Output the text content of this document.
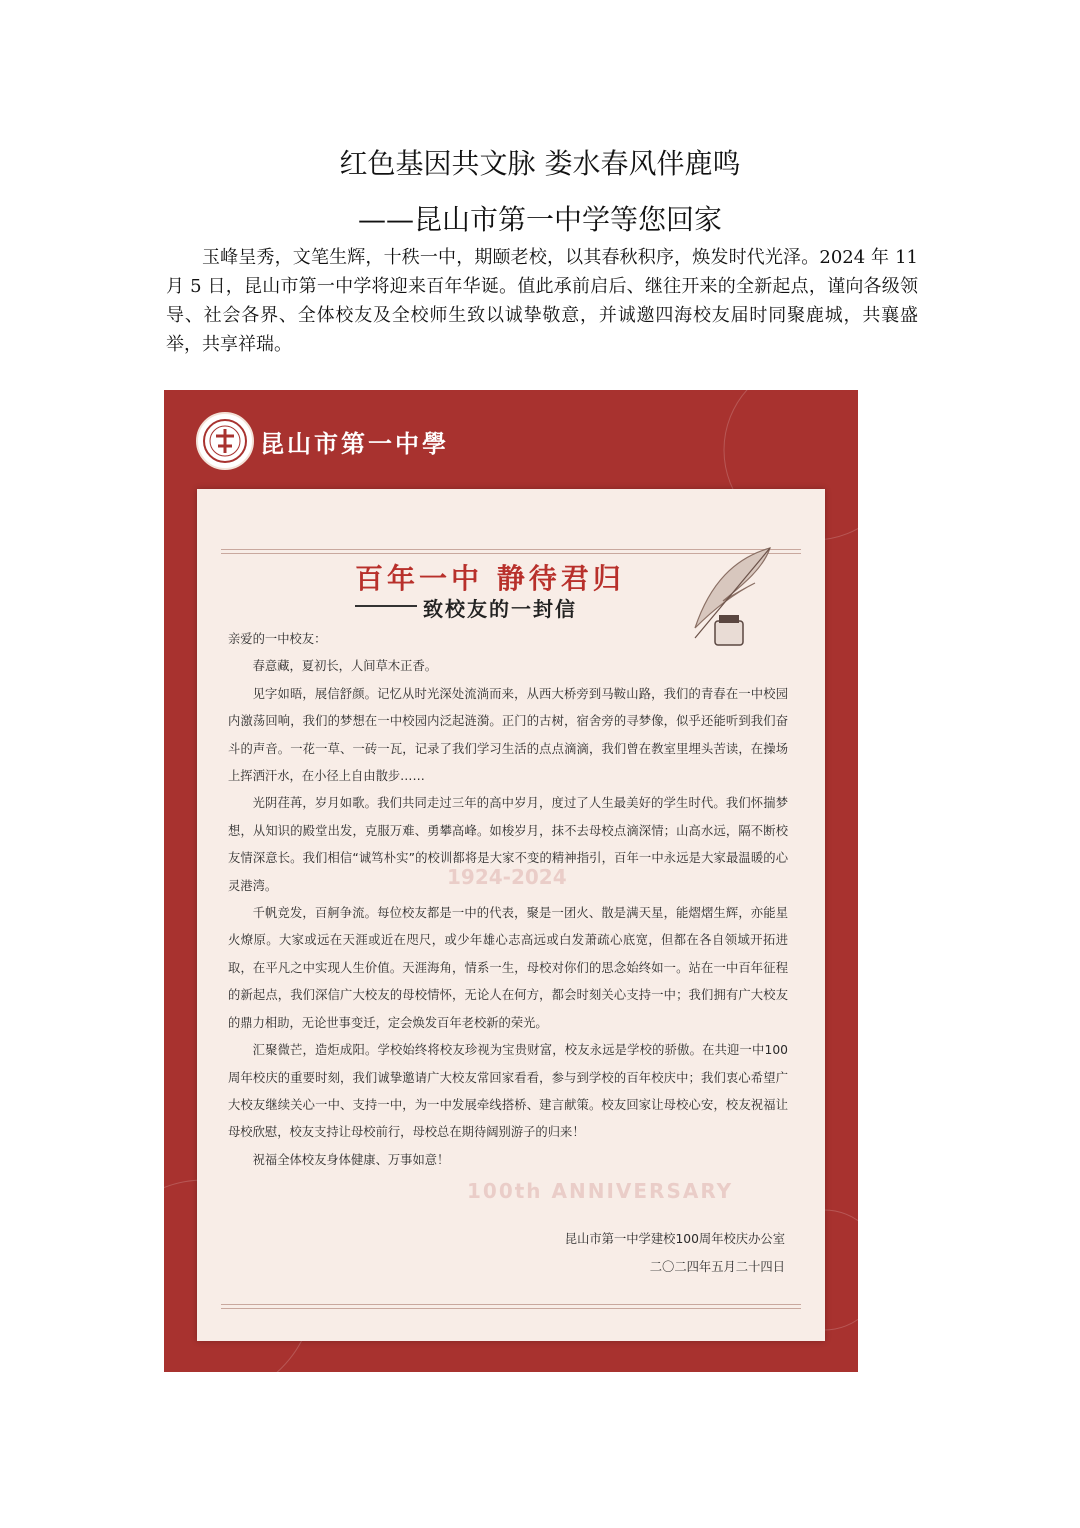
红色基因共文脉 娄水春风伴鹿鸣
——昆山市第一中学等您回家

玉峰呈秀，文笔生辉，十秩一中，期颐老校，以其春秋积序，焕发时代光泽。2024 年 11 月 5 日，昆山市第一中学将迎来百年华诞。值此承前启后、继往开来的全新起点，谨向各级领导、社会各界、全体校友及全校师生致以诚挚敬意，并诚邀四海校友届时同聚鹿城，共襄盛举，共享祥瑞。

昆山市第一中學
1924-2024
100th ANNIVERSARY
百年一中 静待君归
致校友的一封信

亲爱的一中校友：

春意藏，夏初长，人间草木正香。

见字如晤，展信舒颜。记忆从时光深处流淌而来，从西大桥旁到马鞍山路，我们的青春在一中校园内激荡回响，我们的梦想在一中校园内泛起涟漪。正门的古树，宿舍旁的寻梦像，似乎还能听到我们奋斗的声音。一花一草、一砖一瓦，记录了我们学习生活的点点滴滴，我们曾在教室里埋头苦读，在操场上挥洒汗水，在小径上自由散步……

光阴荏苒，岁月如歌。我们共同走过三年的高中岁月，度过了人生最美好的学生时代。我们怀揣梦想，从知识的殿堂出发，克服万难、勇攀高峰。如梭岁月，抹不去母校点滴深情；山高水远，隔不断校友情深意长。我们相信“诚笃朴实”的校训都将是大家不变的精神指引，百年一中永远是大家最温暖的心灵港湾。

千帆竞发，百舸争流。每位校友都是一中的代表，聚是一团火、散是满天星，能熠熠生辉，亦能星火燎原。大家或远在天涯或近在咫尺，或少年雄心志高远或白发萧疏心底宽，但都在各自领域开拓进取，在平凡之中实现人生价值。天涯海角，情系一生，母校对你们的思念始终如一。站在一中百年征程的新起点，我们深信广大校友的母校情怀，无论人在何方，都会时刻关心支持一中；我们拥有广大校友的鼎力相助，无论世事变迁，定会焕发百年老校新的荣光。

汇聚微芒，造炬成阳。学校始终将校友珍视为宝贵财富，校友永远是学校的骄傲。在共迎一中100周年校庆的重要时刻，我们诚挚邀请广大校友常回家看看，参与到学校的百年校庆中；我们衷心希望广大校友继续关心一中、支持一中，为一中发展牵线搭桥、建言献策。校友回家让母校心安，校友祝福让母校欣慰，校友支持让母校前行，母校总在期待阔别游子的归来！

祝福全体校友身体健康、万事如意！

昆山市第一中学建校100周年校庆办公室
二〇二四年五月二十四日
